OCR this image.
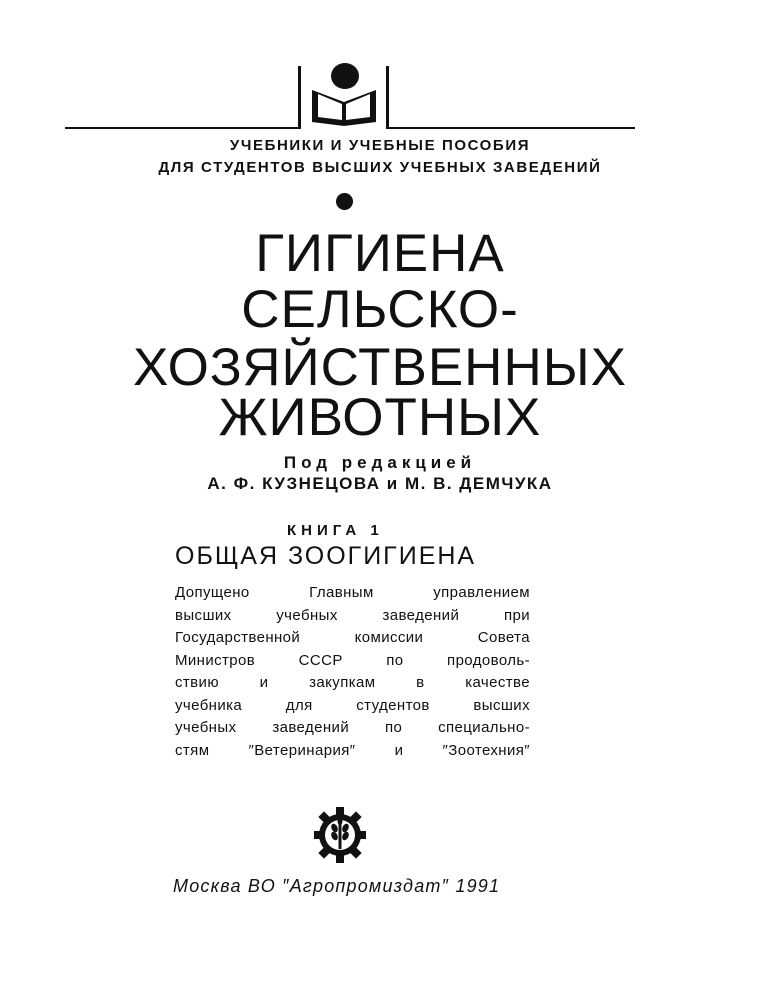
УЧЕБНИКИ И УЧЕБНЫЕ ПОСОБИЯ
ДЛЯ СТУДЕНТОВ ВЫСШИХ УЧЕБНЫХ ЗАВЕДЕНИЙ
ГИГИЕНА
СЕЛЬСКО-
ХОЗЯЙСТВЕННЫХ
ЖИВОТНЫХ
Под редакцией
А. Ф. КУЗНЕЦОВА и М. В. ДЕМЧУКА
КНИГА 1
ОБЩАЯ ЗООГИГИЕНА
Допущено Главным управлением
высших учебных заведений при
Государственной комиссии Совета
Министров СССР по продоволь-
ствию и закупкам в качестве
учебника для студентов высших
учебных заведений по специально-
стям ″Ветеринария″ и ″Зоотехния″
Москва ВО ″Агропромиздат″ 1991
